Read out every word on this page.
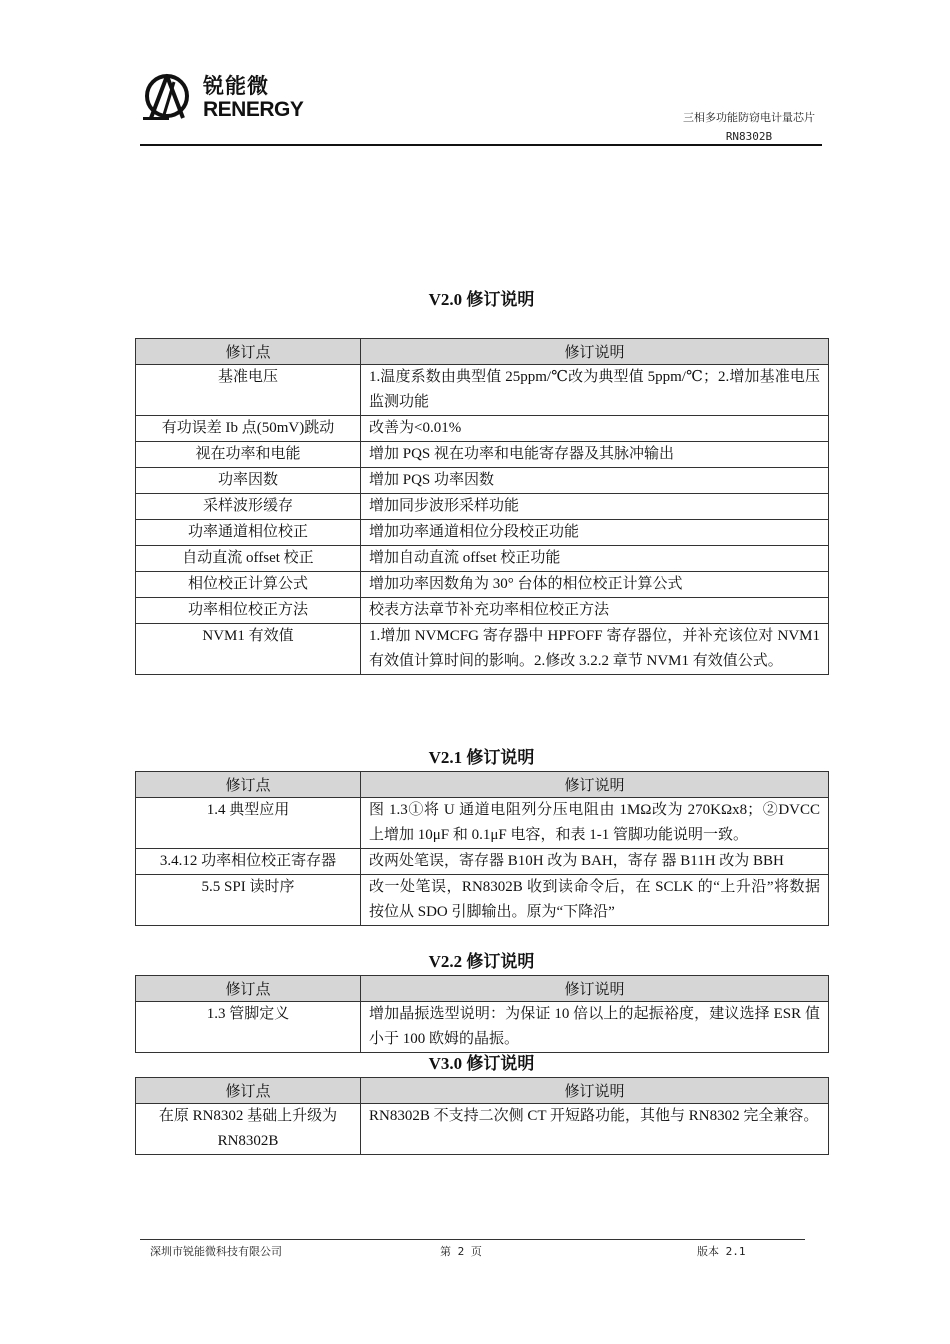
锐能微
RENERGY	三相多功能防窃电计量芯片
RN8302B
V2.0 修订说明
修订点	修订说明
基准电压	1.温度系数由典型值 25ppm/℃改为典型值 5ppm/℃；2.增加基准电压监测功能
有功误差 Ib 点(50mV)跳动	改善为<0.01%
视在功率和电能	增加 PQS 视在功率和电能寄存器及其脉冲输出
功率因数	增加 PQS 功率因数
采样波形缓存	增加同步波形采样功能
功率通道相位校正	增加功率通道相位分段校正功能
自动直流 offset 校正	增加自动直流 offset 校正功能
相位校正计算公式	增加功率因数角为 30° 台体的相位校正计算公式
功率相位校正方法	校表方法章节补充功率相位校正方法
NVM1 有效值	1.增加 NVMCFG 寄存器中 HPFOFF 寄存器位，并补充该位对 NVM1 有效值计算时间的影响。2.修改 3.2.2 章节 NVM1 有效值公式。
V2.1 修订说明
修订点	修订说明
1.4 典型应用	图 1.3①将 U 通道电阻列分压电阻由 1MΩ改为 270KΩx8；②DVCC 上增加 10μF 和 0.1μF 电容，和表 1-1 管脚功能说明一致。
3.4.12 功率相位校正寄存器	改两处笔误，寄存器 B10H 改为 BAH，寄存 器 B11H 改为 BBH
5.5 SPI 读时序	改一处笔误，RN8302B 收到读命令后，在 SCLK 的“上升沿”将数据按位从 SDO 引脚输出。原为“下降沿”
V2.2 修订说明
修订点	修订说明
1.3 管脚定义	增加晶振选型说明：为保证 10 倍以上的起振裕度，建议选择 ESR 值小于 100 欧姆的晶振。
V3.0 修订说明
修订点	修订说明
在原 RN8302 基础上升级为 RN8302B	RN8302B 不支持二次侧 CT 开短路功能，其他与 RN8302 完全兼容。
深圳市锐能微科技有限公司	第 2 页	版本 2.1
